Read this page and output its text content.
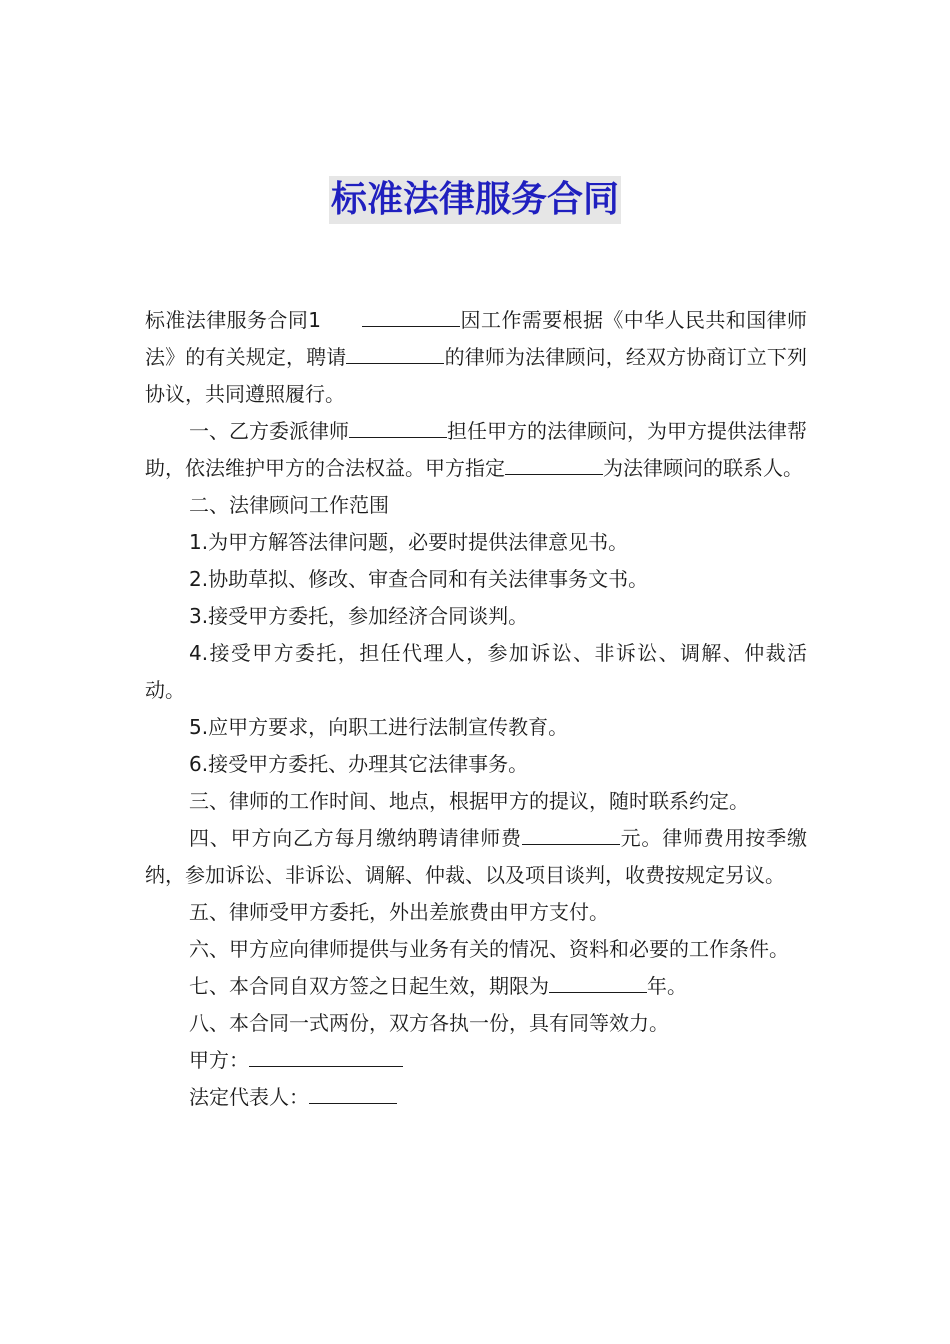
标准法律服务合同

标准法律服务合同1　　	因工作需要根据《中华人民共和国律师法》的有关规定，聘请	的律师为法律顾问，经双方协商订立下列协议，共同遵照履行。

一、乙方委派律师	担任甲方的法律顾问，为甲方提供法律帮助，依法维护甲方的合法权益。甲方指定	为法律顾问的联系人。

二、法律顾问工作范围

1.为甲方解答法律问题，必要时提供法律意见书。

2.协助草拟、修改、审查合同和有关法律事务文书。

3.接受甲方委托，参加经济合同谈判。

4.接受甲方委托，担任代理人，参加诉讼、非诉讼、调解、仲裁活动。

5.应甲方要求，向职工进行法制宣传教育。

6.接受甲方委托、办理其它法律事务。

三、律师的工作时间、地点，根据甲方的提议，随时联系约定。

四、甲方向乙方每月缴纳聘请律师费	元。律师费用按季缴纳，参加诉讼、非诉讼、调解、仲裁、以及项目谈判，收费按规定另议。

五、律师受甲方委托，外出差旅费由甲方支付。

六、甲方应向律师提供与业务有关的情况、资料和必要的工作条件。

七、本合同自双方签之日起生效，期限为	年。

八、本合同一式两份，双方各执一份，具有同等效力。

甲方：

法定代表人：
